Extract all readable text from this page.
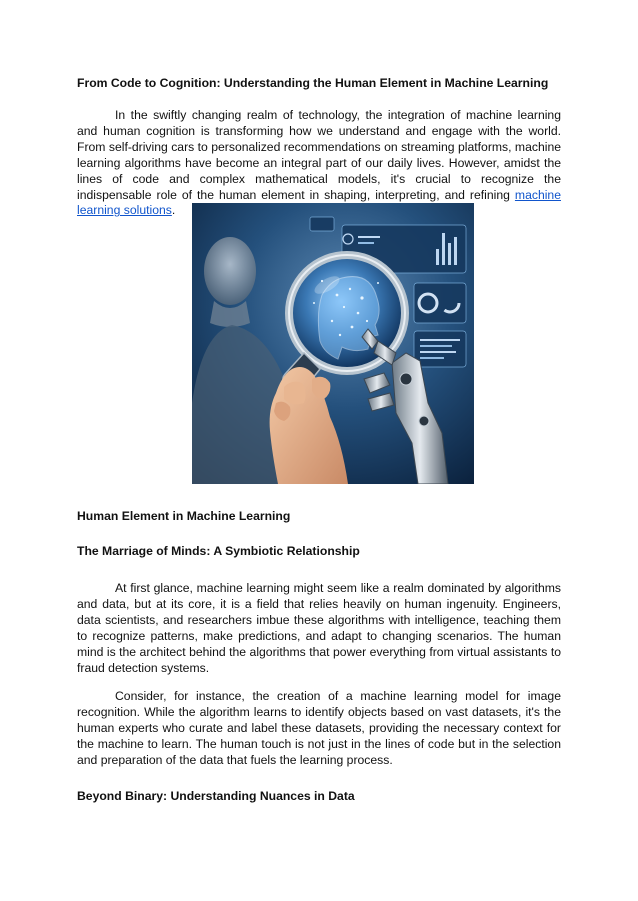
From Code to Cognition: Understanding the Human Element in Machine Learning

In the swiftly changing realm of technology, the integration of machine learning and human cognition is transforming how we understand and engage with the world. From self-driving cars to personalized recommendations on streaming platforms, machine learning algorithms have become an integral part of our daily lives. However, amidst the lines of code and complex mathematical models, it's crucial to recognize the indispensable role of the human element in shaping, interpreting, and refining machine learning solutions.

Human Element in Machine Learning
The Marriage of Minds: A Symbiotic Relationship

At first glance, machine learning might seem like a realm dominated by algorithms and data, but at its core, it is a field that relies heavily on human ingenuity. Engineers, data scientists, and researchers imbue these algorithms with intelligence, teaching them to recognize patterns, make predictions, and adapt to changing scenarios. The human mind is the architect behind the algorithms that power everything from virtual assistants to fraud detection systems.

Consider, for instance, the creation of a machine learning model for image recognition. While the algorithm learns to identify objects based on vast datasets, it's the human experts who curate and label these datasets, providing the necessary context for the machine to learn. The human touch is not just in the lines of code but in the selection and preparation of the data that fuels the learning process.

Beyond Binary: Understanding Nuances in Data
